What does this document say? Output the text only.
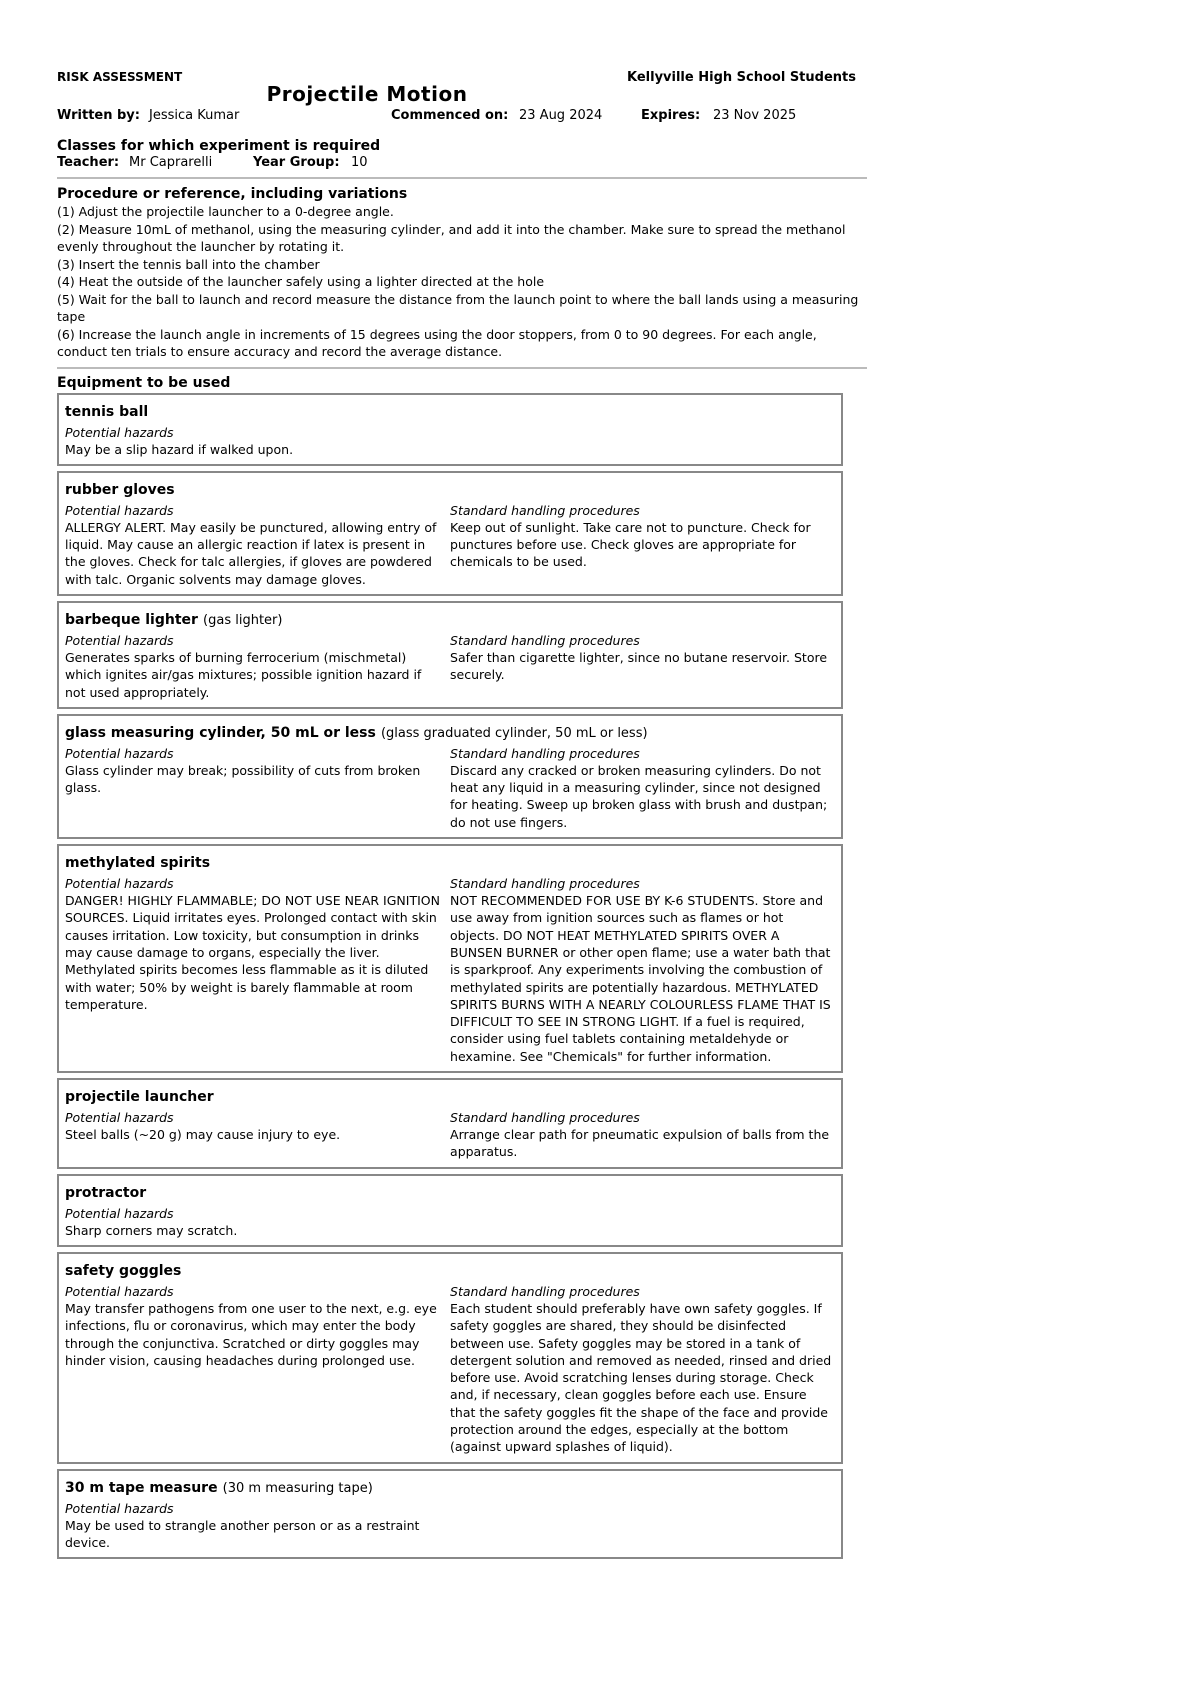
RISK ASSESSMENT	Kellyville High School Students
Projectile Motion
Written by: Jessica Kumar	Commenced on: 23 Aug 2024	Expires: 23 Nov 2025
Classes for which experiment is required
Teacher: Mr Caprarelli	Year Group: 10
Procedure or reference, including variations

(1) Adjust the projectile launcher to a 0-degree angle.

(2) Measure 10mL of methanol, using the measuring cylinder, and add it into the chamber. Make sure to spread the methanol evenly throughout the launcher by rotating it.

(3) Insert the tennis ball into the chamber

(4) Heat the outside of the launcher safely using a lighter directed at the hole

(5) Wait for the ball to launch and record measure the distance from the launch point to where the ball lands using a measuring tape

(6) Increase the launch angle in increments of 15 degrees using the door stoppers, from 0 to 90 degrees. For each angle, conduct ten trials to ensure accuracy and record the average distance.

Equipment to be used
tennis ball
Potential hazards
May be a slip hazard if walked upon.
rubber gloves
Potential hazards
ALLERGY ALERT. May easily be punctured, allowing entry of liquid. May cause an allergic reaction if latex is present in the gloves. Check for talc allergies, if gloves are powdered with talc. Organic solvents may damage gloves.
Standard handling procedures
Keep out of sunlight. Take care not to puncture. Check for punctures before use. Check gloves are appropriate for chemicals to be used.
barbeque lighter (gas lighter)
Potential hazards
Generates sparks of burning ferrocerium (mischmetal) which ignites air/gas mixtures; possible ignition hazard if not used appropriately.
Standard handling procedures
Safer than cigarette lighter, since no butane reservoir. Store securely.
glass measuring cylinder, 50 mL or less (glass graduated cylinder, 50 mL or less)
Potential hazards
Glass cylinder may break; possibility of cuts from broken glass.
Standard handling procedures
Discard any cracked or broken measuring cylinders. Do not heat any liquid in a measuring cylinder, since not designed for heating. Sweep up broken glass with brush and dustpan; do not use fingers.
methylated spirits
Potential hazards
DANGER! HIGHLY FLAMMABLE; DO NOT USE NEAR IGNITION SOURCES. Liquid irritates eyes. Prolonged contact with skin causes irritation. Low toxicity, but consumption in drinks may cause damage to organs, especially the liver. Methylated spirits becomes less flammable as it is diluted with water; 50% by weight is barely flammable at room temperature.
Standard handling procedures
NOT RECOMMENDED FOR USE BY K-6 STUDENTS. Store and use away from ignition sources such as flames or hot objects. DO NOT HEAT METHYLATED SPIRITS OVER A BUNSEN BURNER or other open flame; use a water bath that is sparkproof. Any experiments involving the combustion of methylated spirits are potentially hazardous. METHYLATED SPIRITS BURNS WITH A NEARLY COLOURLESS FLAME THAT IS DIFFICULT TO SEE IN STRONG LIGHT. If a fuel is required, consider using fuel tablets containing metaldehyde or hexamine. See "Chemicals" for further information.
projectile launcher
Potential hazards
Steel balls (~20 g) may cause injury to eye.
Standard handling procedures
Arrange clear path for pneumatic expulsion of balls from the apparatus.
protractor
Potential hazards
Sharp corners may scratch.
safety goggles
Potential hazards
May transfer pathogens from one user to the next, e.g. eye infections, flu or coronavirus, which may enter the body through the conjunctiva. Scratched or dirty goggles may hinder vision, causing headaches during prolonged use.
Standard handling procedures
Each student should preferably have own safety goggles. If safety goggles are shared, they should be disinfected between use. Safety goggles may be stored in a tank of detergent solution and removed as needed, rinsed and dried before use. Avoid scratching lenses during storage. Check and, if necessary, clean goggles before each use. Ensure that the safety goggles fit the shape of the face and provide protection around the edges, especially at the bottom (against upward splashes of liquid).
30 m tape measure (30 m measuring tape)
Potential hazards
May be used to strangle another person or as a restraint device.
